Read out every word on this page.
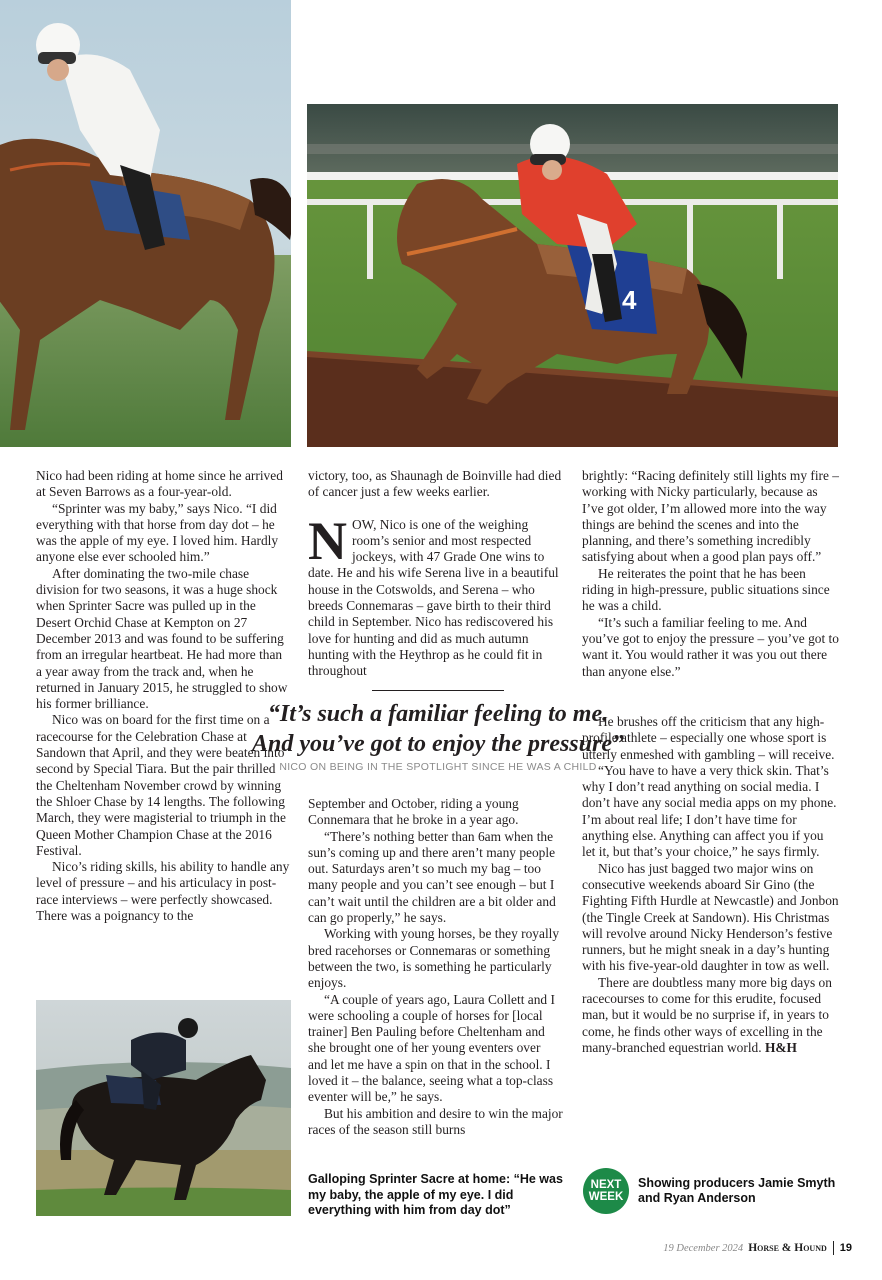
4

Nico had been riding at home since he arrived at Seven Barrows as a four-year-old.

“Sprinter was my baby,” says Nico. “I did everything with that horse from day dot – he was the apple of my eye. I loved him. Hardly anyone else ever schooled him.”

After dominating the two-mile chase division for two seasons, it was a huge shock when Sprinter Sacre was pulled up in the Desert Orchid Chase at Kempton on 27 December 2013 and was found to be suffering from an irregular heartbeat. He had more than a year away from the track and, when he returned in January 2015, he struggled to show his former brilliance.

Nico was on board for the first time on a racecourse for the Celebration Chase at Sandown that April, and they were beaten into second by Special Tiara. But the pair thrilled the Cheltenham November crowd by winning the Shloer Chase by 14 lengths. The following March, they were magisterial to triumph in the Queen Mother Champion Chase at the 2016 Festival.

Nico’s riding skills, his ability to handle any level of pressure – and his articulacy in post-race interviews – were perfectly showcased. There was a poignancy to the

victory, too, as Shaunagh de Boinville had died of cancer just a few weeks earlier.

NOW, Nico is one of the weighing room’s senior and most respected jockeys, with 47 Grade One wins to date. He and his wife Serena live in a beautiful house in the Cotswolds, and Serena – who breeds Connemaras – gave birth to their third child in September. Nico has rediscovered his love for hunting and did as much autumn hunting with the Heythrop as he could fit in throughout

September and October, riding a young Connemara that he broke in a year ago.

“There’s nothing better than 6am when the sun’s coming up and there aren’t many people out. Saturdays aren’t so much my bag – too many people and you can’t see enough – but I can’t wait until the children are a bit older and can go properly,” he says.

Working with young horses, be they royally bred racehorses or Connemaras or something between the two, is something he particularly enjoys.

“A couple of years ago, Laura Collett and I were schooling a couple of horses for [local trainer] Ben Pauling before Cheltenham and she brought one of her young eventers over and let me have a spin on that in the school. I loved it – the balance, seeing what a top-class eventer will be,” he says.

But his ambition and desire to win the major races of the season still burns

brightly: “Racing definitely still lights my fire – working with Nicky particularly, because as I’ve got older, I’m allowed more into the way things are behind the scenes and into the planning, and there’s something incredibly satisfying about when a good plan pays off.”

He reiterates the point that he has been riding in high-pressure, public situations since he was a child.

“It’s such a familiar feeling to me. And you’ve got to enjoy the pressure – you’ve got to want it. You would rather it was you out there than anyone else.”

He brushes off the criticism that any high-profile athlete – especially one whose sport is utterly enmeshed with gambling – will receive.

“You have to have a very thick skin. That’s why I don’t read anything on social media. I don’t have any social media apps on my phone. I’m about real life; I don’t have time for anything else. Anything can affect you if you let it, but that’s your choice,” he says firmly.

Nico has just bagged two major wins on consecutive weekends aboard Sir Gino (the Fighting Fifth Hurdle at Newcastle) and Jonbon (the Tingle Creek at Sandown). His Christmas will revolve around Nicky Henderson’s festive runners, but he might sneak in a day’s hunting with his five-year-old daughter in tow as well.

There are doubtless many more big days on racecourses to come for this erudite, focused man, but it would be no surprise if, in years to come, he finds other ways of excelling in the many-branched equestrian world. H&H

“It’s such a familiar feeling to me.
And you’ve got to enjoy the pressure”
NICO ON BEING IN THE SPOTLIGHT SINCE HE WAS A CHILD
Galloping Sprinter Sacre at home: “He was my baby, the apple of my eye. I did everything with him from day dot”
NEXT
WEEK
Showing producers Jamie Smyth and Ryan Anderson
19 December 2024 Horse & Hound 19
